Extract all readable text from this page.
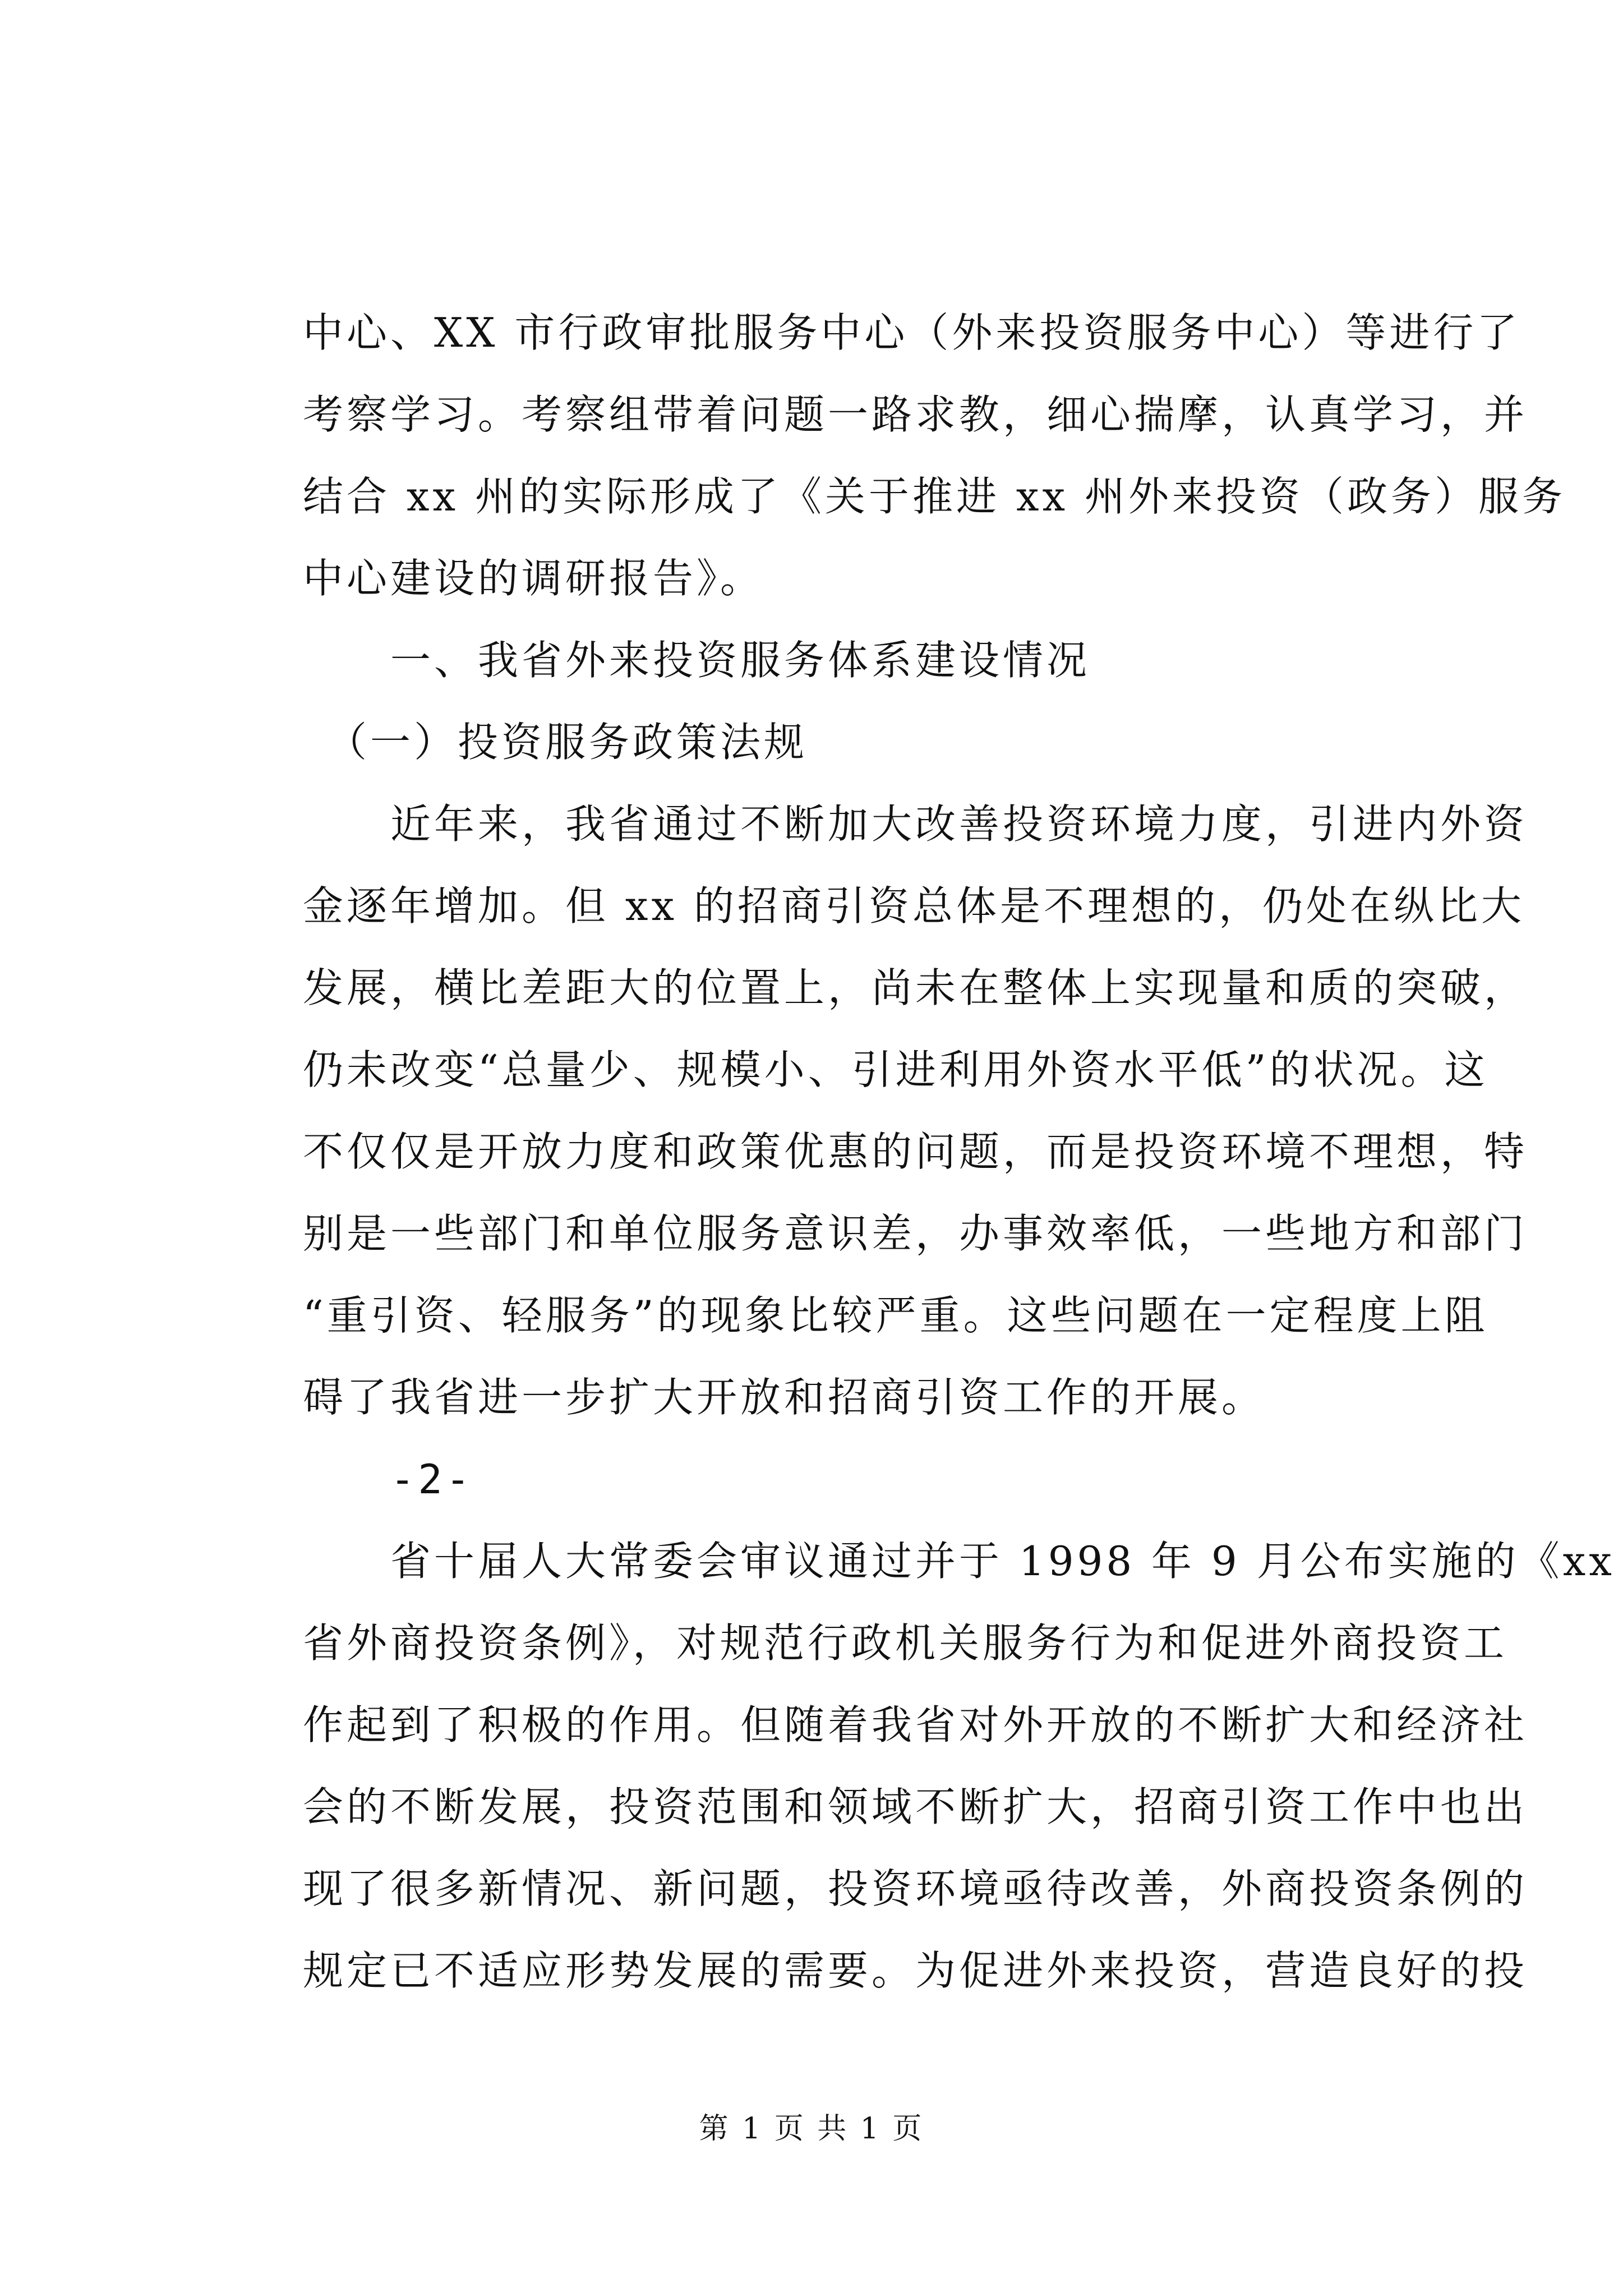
中心、XX 市行政审批服务中心（外来投资服务中心）等进行了
考察学习。考察组带着问题一路求教，细心揣摩，认真学习，并
结合 xx 州的实际形成了《关于推进 xx 州外来投资（政务）服务
中心建设的调研报告》。
　　一、我省外来投资服务体系建设情况
　（一）投资服务政策法规
　　近年来，我省通过不断加大改善投资环境力度，引进内外资
金逐年增加。但 xx 的招商引资总体是不理想的，仍处在纵比大
发展，横比差距大的位置上，尚未在整体上实现量和质的突破，
仍未改变“总量少、规模小、引进利用外资水平低”的状况。这
不仅仅是开放力度和政策优惠的问题，而是投资环境不理想，特
别是一些部门和单位服务意识差，办事效率低，一些地方和部门
“重引资、轻服务”的现象比较严重。这些问题在一定程度上阻
碍了我省进一步扩大开放和招商引资工作的开展。
　　-2-
　　省十届人大常委会审议通过并于 1998 年 9 月公布实施的《xx
省外商投资条例》，对规范行政机关服务行为和促进外商投资工
作起到了积极的作用。但随着我省对外开放的不断扩大和经济社
会的不断发展，投资范围和领域不断扩大，招商引资工作中也出
现了很多新情况、新问题，投资环境亟待改善，外商投资条例的
规定已不适应形势发展的需要。为促进外来投资，营造良好的投
第 1 页 共 1 页
